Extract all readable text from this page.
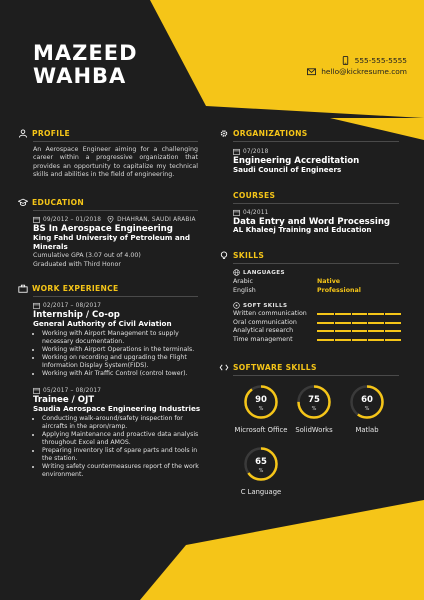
MAZEED
WAHBA
555-555-5555
hello@kickresume.com
PROFILE
An Aerospace Engineer aiming for a challenging career within a progressive organization that provides an opportunity to capitalize my technical skills and abilities in the field of engineering.
EDUCATION
09/2012 – 01/2018	DHAHRAN, SAUDI ARABIA
BS In Aerospace Engineering
King Fahd University of Petroleum and Minerals
Cumulative GPA (3.07 out of 4.00)
Graduated with Third Honor
WORK EXPERIENCE
02/2017 – 08/2017
Internship / Co-op
General Authority of Civil Aviation
• Working with Airport Management to supply necessary documentation.
• Working with Airport Operations in the terminals.
• Working on recording and upgrading the Flight Information Display System(FIDS).
• Working with Air Traffic Control (control tower).
05/2017 – 08/2017
Trainee / OJT
Saudia Aerospace Engineering Industries
• Conducting walk-around/safety inspection for aircrafts in the apron/ramp.
• Applying Maintenance and proactive data analysis throughout Excel and AMOS.
• Preparing inventory list of spare parts and tools in the station.
• Writing safety countermeasures report of the work environment.
ORGANIZATIONS
07/2018
Engineering Accreditation
Saudi Council of Engineers
COURSES
04/2011
Data Entry and Word Processing
AL Khaleej Training and Education
SKILLS
LANGUAGES
Arabic	Native
English	Professional
SOFT SKILLS
Written communication
Oral communication
Analytical research
Time management
SOFTWARE SKILLS
90
%
Microsoft Office
75
%
SolidWorks
60
%
Matlab
65
%
C Language
